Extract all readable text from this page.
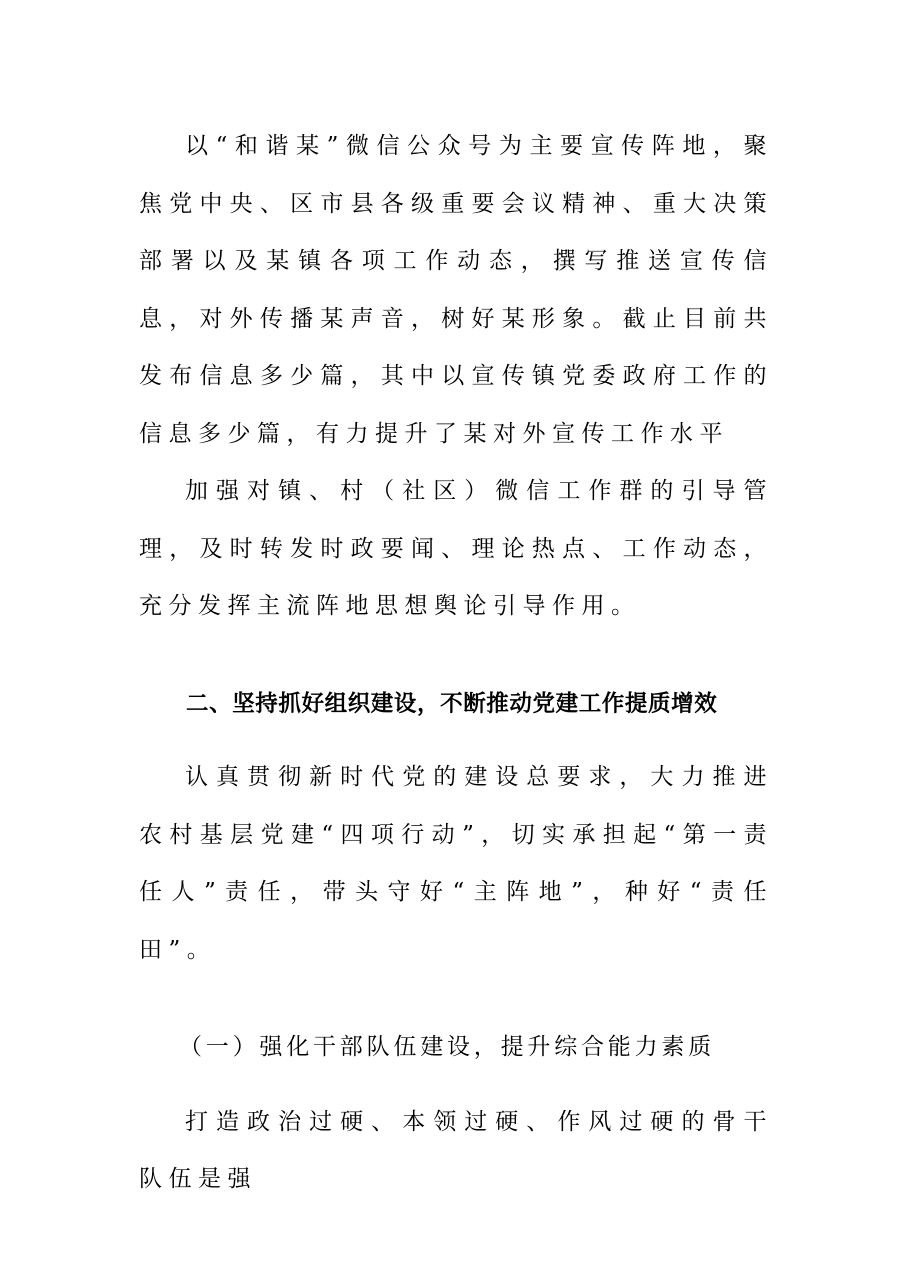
以“和谐某”微信公众号为主要宣传阵地，聚焦党中央、区市县各级重要会议精神、重大决策部署以及某镇各项工作动态，撰写推送宣传信息，对外传播某声音，树好某形象。截止目前共发布信息多少篇，其中以宣传镇党委政府工作的信息多少篇，有力提升了某对外宣传工作水平

加强对镇、村（社区）微信工作群的引导管理，及时转发时政要闻、理论热点、工作动态，充分发挥主流阵地思想舆论引导作用。

二、坚持抓好组织建设，不断推动党建工作提质增效

认真贯彻新时代党的建设总要求，大力推进农村基层党建“四项行动”，切实承担起“第一责任人”责任，带头守好“主阵地”，种好“责任田”。

（一）强化干部队伍建设，提升综合能力素质

打造政治过硬、本领过硬、作风过硬的骨干队伍是强
